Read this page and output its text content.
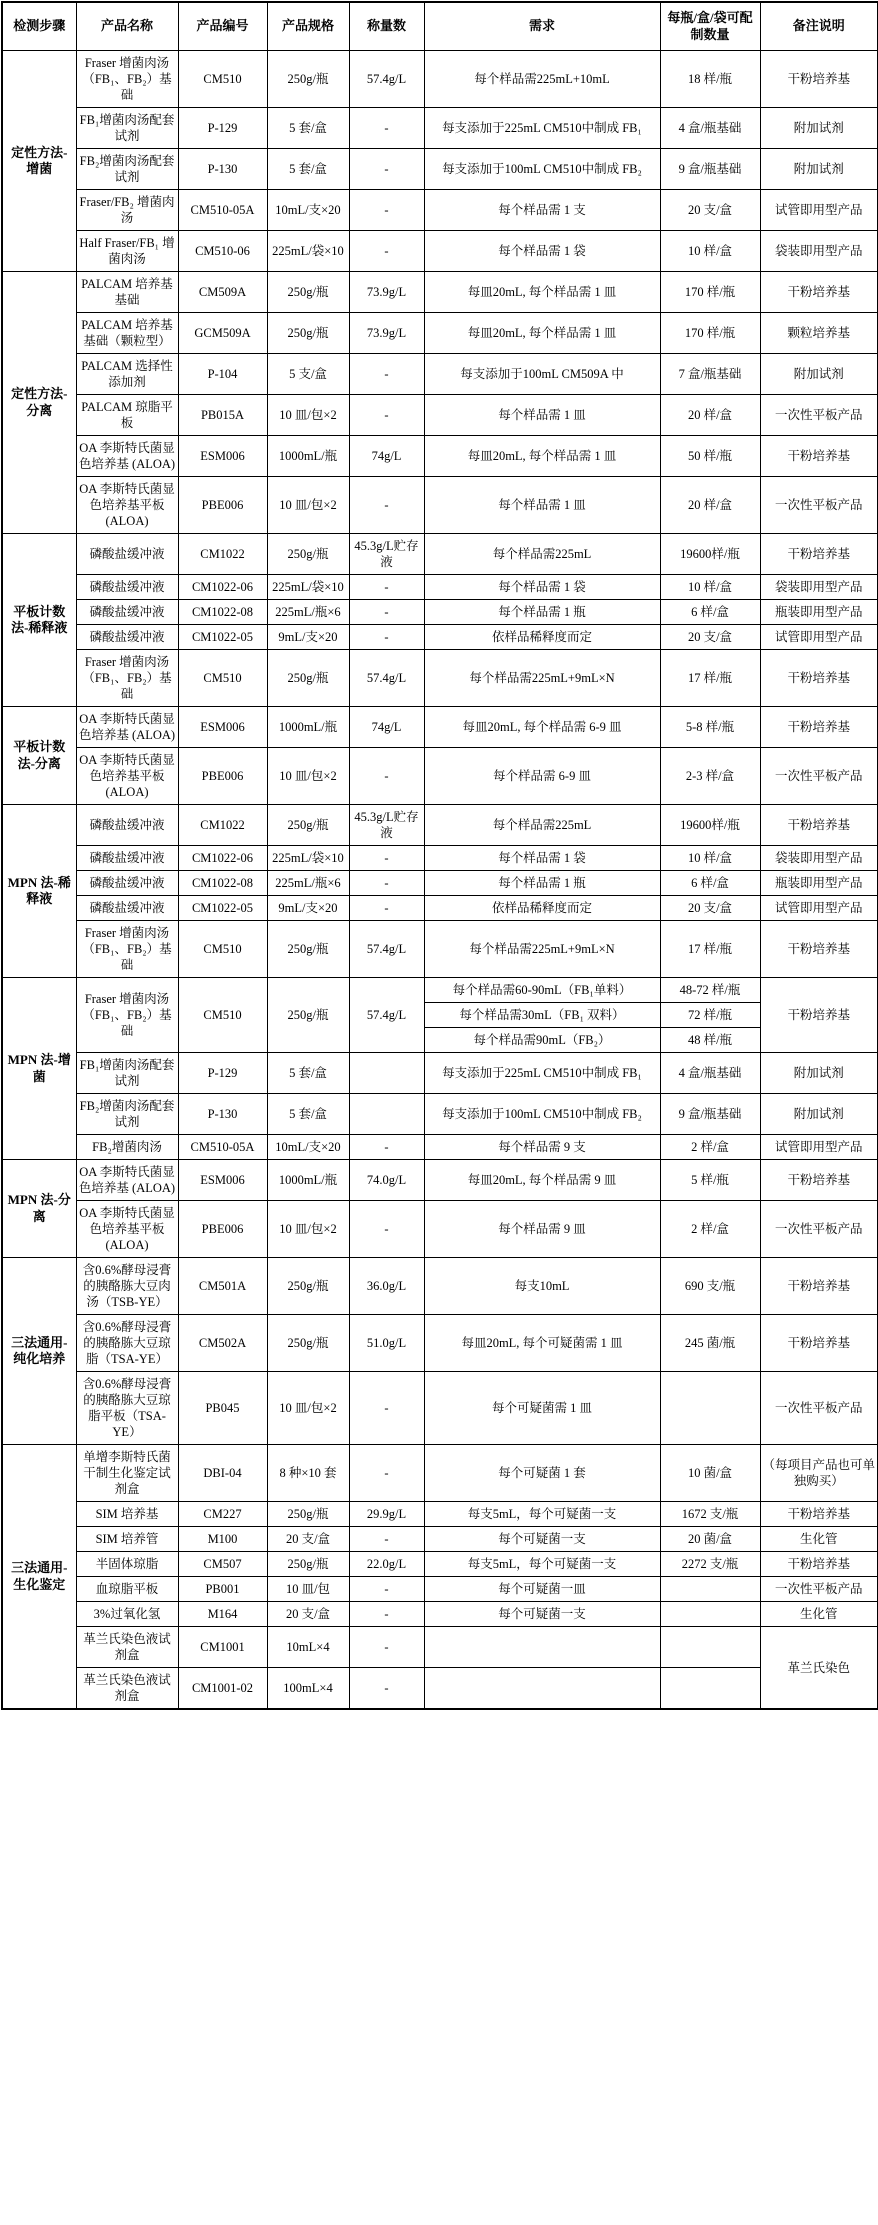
检测步骤	产品名称	产品编号	产品规格	称量数	需求	每瓶/盒/袋可配制数量	备注说明
定性方法-增菌	Fraser 增菌肉汤（FB₁、FB₂）基础	CM510	250g/瓶	57.4g/L	每个样品需225mL+10mL	18 样/瓶	干粉培养基
	FB₁增菌肉汤配套试剂	P-129	5 套/盒	-	每支添加于225mL CM510中制成 FB₁	4 盒/瓶基础	附加试剂
	FB₂增菌肉汤配套试剂	P-130	5 套/盒	-	每支添加于100mL CM510中制成 FB₂	9 盒/瓶基础	附加试剂
	Fraser/FB₂ 增菌肉汤	CM510-05A	10mL/支×20	-	每个样品需 1 支	20 支/盒	试管即用型产品
	Half Fraser/FB₁ 增菌肉汤	CM510-06	225mL/袋×10	-	每个样品需 1 袋	10 样/盒	袋装即用型产品
定性方法-分离	PALCAM 培养基基础	CM509A	250g/瓶	73.9g/L	每皿20mL, 每个样品需 1 皿	170 样/瓶	干粉培养基
	PALCAM 培养基基础（颗粒型）	GCM509A	250g/瓶	73.9g/L	每皿20mL, 每个样品需 1 皿	170 样/瓶	颗粒培养基
	PALCAM 选择性添加剂	P-104	5 支/盒	-	每支添加于100mL CM509A 中	7 盒/瓶基础	附加试剂
	PALCAM 琼脂平板	PB015A	10 皿/包×2	-	每个样品需 1 皿	20 样/盒	一次性平板产品
	OA 李斯特氏菌显色培养基 (ALOA)	ESM006	1000mL/瓶	74g/L	每皿20mL, 每个样品需 1 皿	50 样/瓶	干粉培养基
	OA 李斯特氏菌显色培养基平板(ALOA)	PBE006	10 皿/包×2	-	每个样品需 1 皿	20 样/盒	一次性平板产品
平板计数法-稀释液	磷酸盐缓冲液	CM1022	250g/瓶	45.3g/L贮存液	每个样品需225mL	19600样/瓶	干粉培养基
	磷酸盐缓冲液	CM1022-06	225mL/袋×10	-	每个样品需 1 袋	10 样/盒	袋装即用型产品
	磷酸盐缓冲液	CM1022-08	225mL/瓶×6	-	每个样品需 1 瓶	6 样/盒	瓶装即用型产品
	磷酸盐缓冲液	CM1022-05	9mL/支×20	-	依样品稀释度而定	20 支/盒	试管即用型产品
	Fraser 增菌肉汤（FB₁、FB₂）基础	CM510	250g/瓶	57.4g/L	每个样品需225mL+9mL×N	17 样/瓶	干粉培养基
平板计数法-分离	OA 李斯特氏菌显色培养基 (ALOA)	ESM006	1000mL/瓶	74g/L	每皿20mL, 每个样品需 6-9 皿	5-8 样/瓶	干粉培养基
	OA 李斯特氏菌显色培养基平板(ALOA)	PBE006	10 皿/包×2	-	每个样品需 6-9 皿	2-3 样/盒	一次性平板产品
MPN 法-稀释液	磷酸盐缓冲液	CM1022	250g/瓶	45.3g/L贮存液	每个样品需225mL	19600样/瓶	干粉培养基
	磷酸盐缓冲液	CM1022-06	225mL/袋×10	-	每个样品需 1 袋	10 样/盒	袋装即用型产品
	磷酸盐缓冲液	CM1022-08	225mL/瓶×6	-	每个样品需 1 瓶	6 样/盒	瓶装即用型产品
	磷酸盐缓冲液	CM1022-05	9mL/支×20	-	依样品稀释度而定	20 支/盒	试管即用型产品
	Fraser 增菌肉汤（FB₁、FB₂）基础	CM510	250g/瓶	57.4g/L	每个样品需225mL+9mL×N	17 样/瓶	干粉培养基
MPN 法-增菌	Fraser 增菌肉汤（FB₁、FB₂）基础	CM510	250g/瓶	57.4g/L	每个样品需60-90mL（FB₁单料）	48-72 样/瓶	干粉培养基
					每个样品需30mL（FB₁ 双料）	72 样/瓶	
					每个样品需90mL（FB₂）	48 样/瓶	
	FB₁增菌肉汤配套试剂	P-129	5 套/盒		每支添加于225mL CM510中制成 FB₁	4 盒/瓶基础	附加试剂
	FB₂增菌肉汤配套试剂	P-130	5 套/盒		每支添加于100mL CM510中制成 FB₂	9 盒/瓶基础	附加试剂
	FB₂增菌肉汤	CM510-05A	10mL/支×20	-	每个样品需 9 支	2 样/盒	试管即用型产品
MPN 法-分离	OA 李斯特氏菌显色培养基 (ALOA)	ESM006	1000mL/瓶	74.0g/L	每皿20mL, 每个样品需 9 皿	5 样/瓶	干粉培养基
	OA 李斯特氏菌显色培养基平板(ALOA)	PBE006	10 皿/包×2	-	每个样品需 9 皿	2 样/盒	一次性平板产品
三法通用-纯化培养	含0.6%酵母浸膏的胰酪胨大豆肉汤（TSB-YE）	CM501A	250g/瓶	36.0g/L	每支10mL	690 支/瓶	干粉培养基
	含0.6%酵母浸膏的胰酪胨大豆琼脂（TSA-YE）	CM502A	250g/瓶	51.0g/L	每皿20mL, 每个可疑菌需 1 皿	245 菌/瓶	干粉培养基
	含0.6%酵母浸膏的胰酪胨大豆琼脂平板（TSA-YE）	PB045	10 皿/包×2	-	每个可疑菌需 1 皿		一次性平板产品
三法通用-生化鉴定	单增李斯特氏菌干制生化鉴定试剂盒	DBI-04	8 种×10 套	-	每个可疑菌 1 套	10 菌/盒	（每项目产品也可单独购买）
	SIM 培养基	CM227	250g/瓶	29.9g/L	每支5mL，每个可疑菌一支	1672 支/瓶	干粉培养基
	SIM 培养管	M100	20 支/盒	-	每个可疑菌一支	20 菌/盒	生化管
	半固体琼脂	CM507	250g/瓶	22.0g/L	每支5mL，每个可疑菌一支	2272 支/瓶	干粉培养基
	血琼脂平板	PB001	10 皿/包	-	每个可疑菌一皿		一次性平板产品
	3%过氧化氢	M164	20 支/盒	-	每个可疑菌一支		生化管
	革兰氏染色液试剂盒	CM1001	10mL×4	-			革兰氏染色
	革兰氏染色液试剂盒	CM1001-02	100mL×4	-			
